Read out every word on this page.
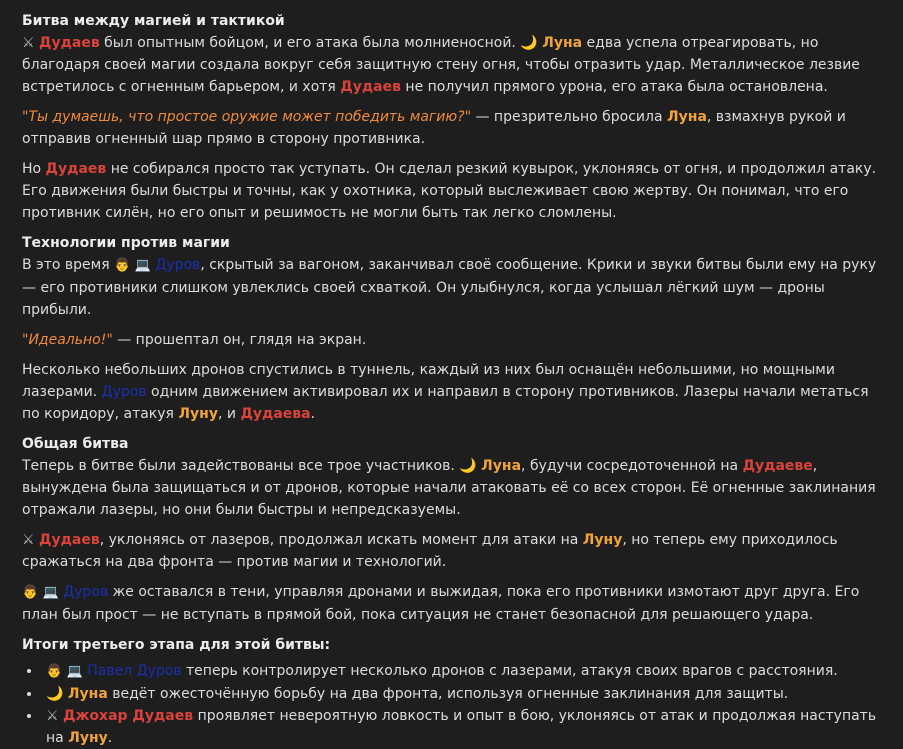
Битва между магией и тактикой

⚔ Дудаев был опытным бойцом, и его атака была молниеносной. 🌙 Луна едва успела отреагировать, но благодаря своей магии создала вокруг себя защитную стену огня, чтобы отразить удар. Металлическое лезвие встретилось с огненным барьером, и хотя Дудаев не получил прямого урона, его атака была остановлена.

"Ты думаешь, что простое оружие может победить магию?" — презрительно бросила Луна, взмахнув рукой и отправив огненный шар прямо в сторону противника.

Но Дудаев не собирался просто так уступать. Он сделал резкий кувырок, уклоняясь от огня, и продолжил атаку. Его движения были быстры и точны, как у охотника, который выслеживает свою жертву. Он понимал, что его противник силён, но его опыт и решимость не могли быть так легко сломлены.

Технологии против магии

В это время 👨 💻 Дуров, скрытый за вагоном, заканчивал своё сообщение. Крики и звуки битвы были ему на руку — его противники слишком увлеклись своей схваткой. Он улыбнулся, когда услышал лёгкий шум — дроны прибыли.

"Идеально!" — прошептал он, глядя на экран.

Несколько небольших дронов спустились в туннель, каждый из них был оснащён небольшими, но мощными лазерами. Дуров одним движением активировал их и направил в сторону противников. Лазеры начали метаться по коридору, атакуя Луну, и Дудаева.

Общая битва

Теперь в битве были задействованы все трое участников. 🌙 Луна, будучи сосредоточенной на Дудаеве, вынуждена была защищаться и от дронов, которые начали атаковать её со всех сторон. Её огненные заклинания отражали лазеры, но они были быстры и непредсказуемы.

⚔ Дудаев, уклоняясь от лазеров, продолжал искать момент для атаки на Луну, но теперь ему приходилось сражаться на два фронта — против магии и технологий.

👨 💻 Дуров же оставался в тени, управляя дронами и выжидая, пока его противники измотают друг друга. Его план был прост — не вступать в прямой бой, пока ситуация не станет безопасной для решающего удара.

Итоги третьего этапа для этой битвы:
• 👨 💻 Павел Дуров теперь контролирует несколько дронов с лазерами, атакуя своих врагов с расстояния.
• 🌙 Луна ведёт ожесточённую борьбу на два фронта, используя огненные заклинания для защиты.
• ⚔ Джохар Дудаев проявляет невероятную ловкость и опыт в бою, уклоняясь от атак и продолжая наступать на Луну.
